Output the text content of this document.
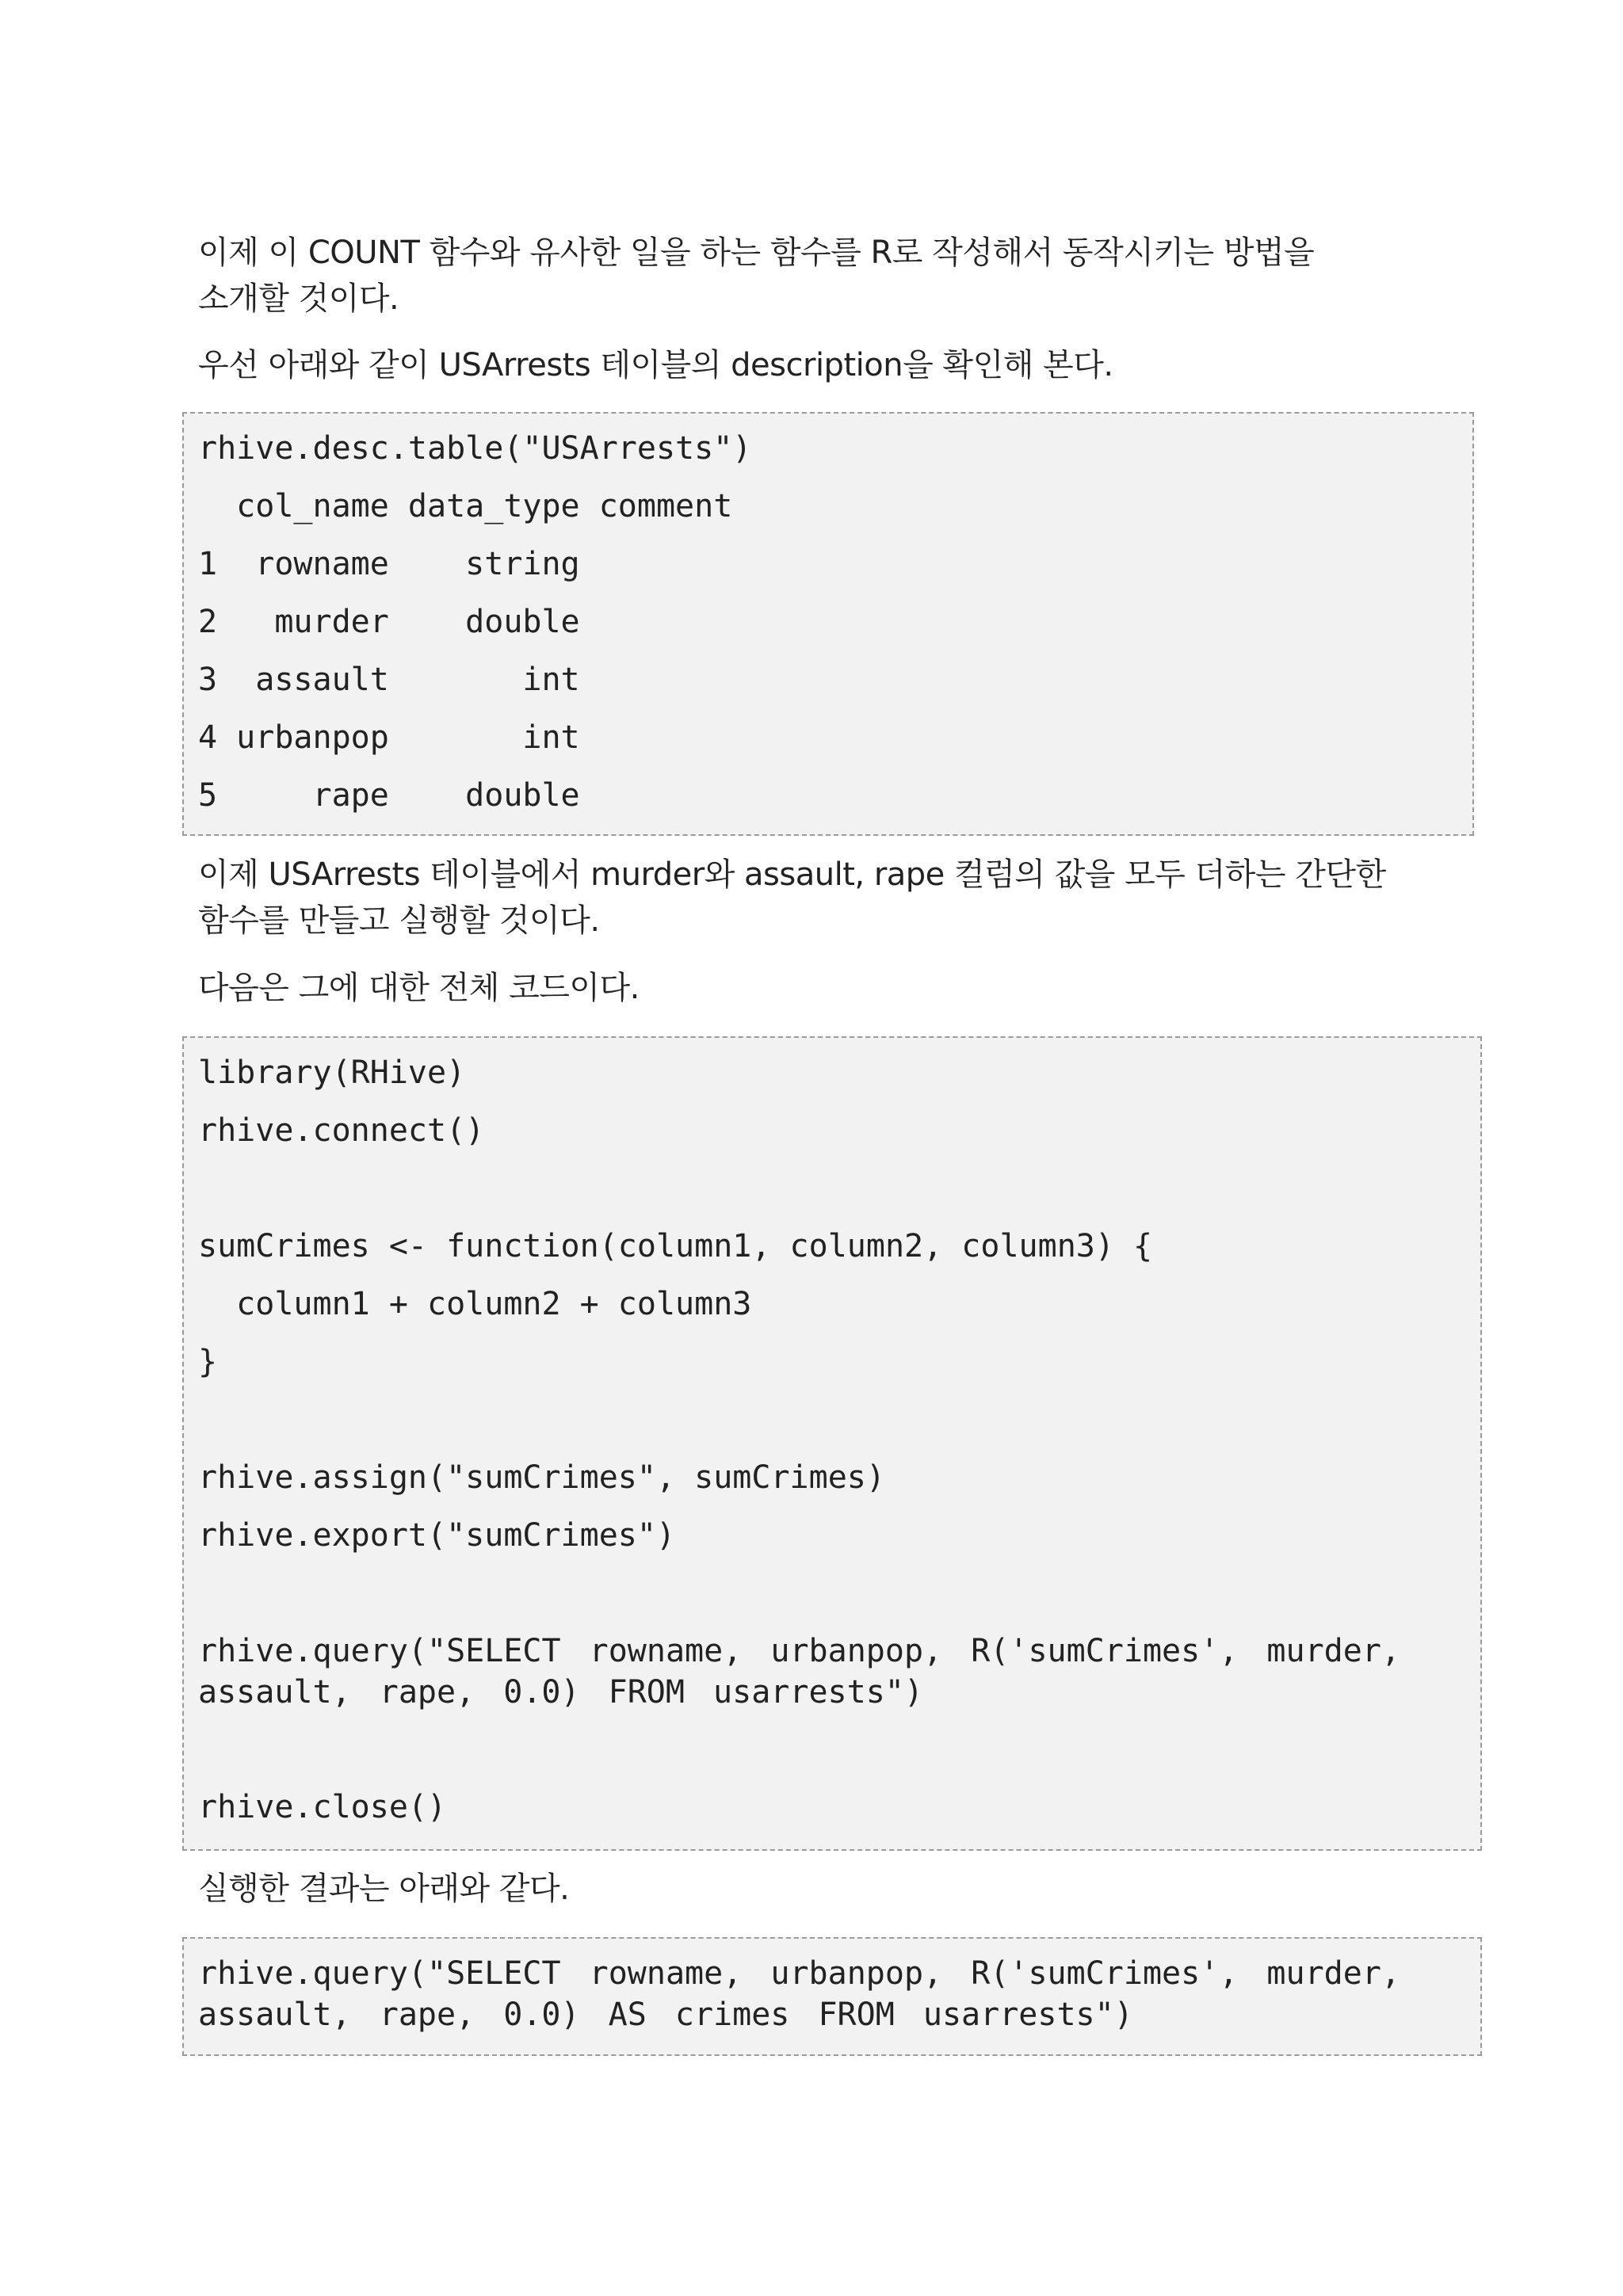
이제 이 COUNT 함수와 유사한 일을 하는 함수를 R로 작성해서 동작시키는 방법을
소개할 것이다.
우선 아래와 같이 USArrests 테이블의 description을 확인해 본다.
rhive.desc.table("USArrests")
col_name data_type comment
1  rowname    string
2   murder    double
3  assault       int
4 urbanpop       int
5     rape    double
이제 USArrests 테이블에서 murder와 assault, rape 컬럼의 값을 모두 더하는 간단한
함수를 만들고 실행할 것이다.
다음은 그에 대한 전체 코드이다.
library(RHive)
rhive.connect()
sumCrimes <- function(column1, column2, column3) {
column1 + column2 + column3
}
rhive.assign("sumCrimes", sumCrimes)
rhive.export("sumCrimes")
rhive.query("SELECT rowname, urbanpop, R('sumCrimes', murder, assault, rape, 0.0) FROM usarrests")
rhive.close()
실행한 결과는 아래와 같다.
rhive.query("SELECT rowname, urbanpop, R('sumCrimes', murder, assault, rape, 0.0) AS crimes FROM usarrests")
